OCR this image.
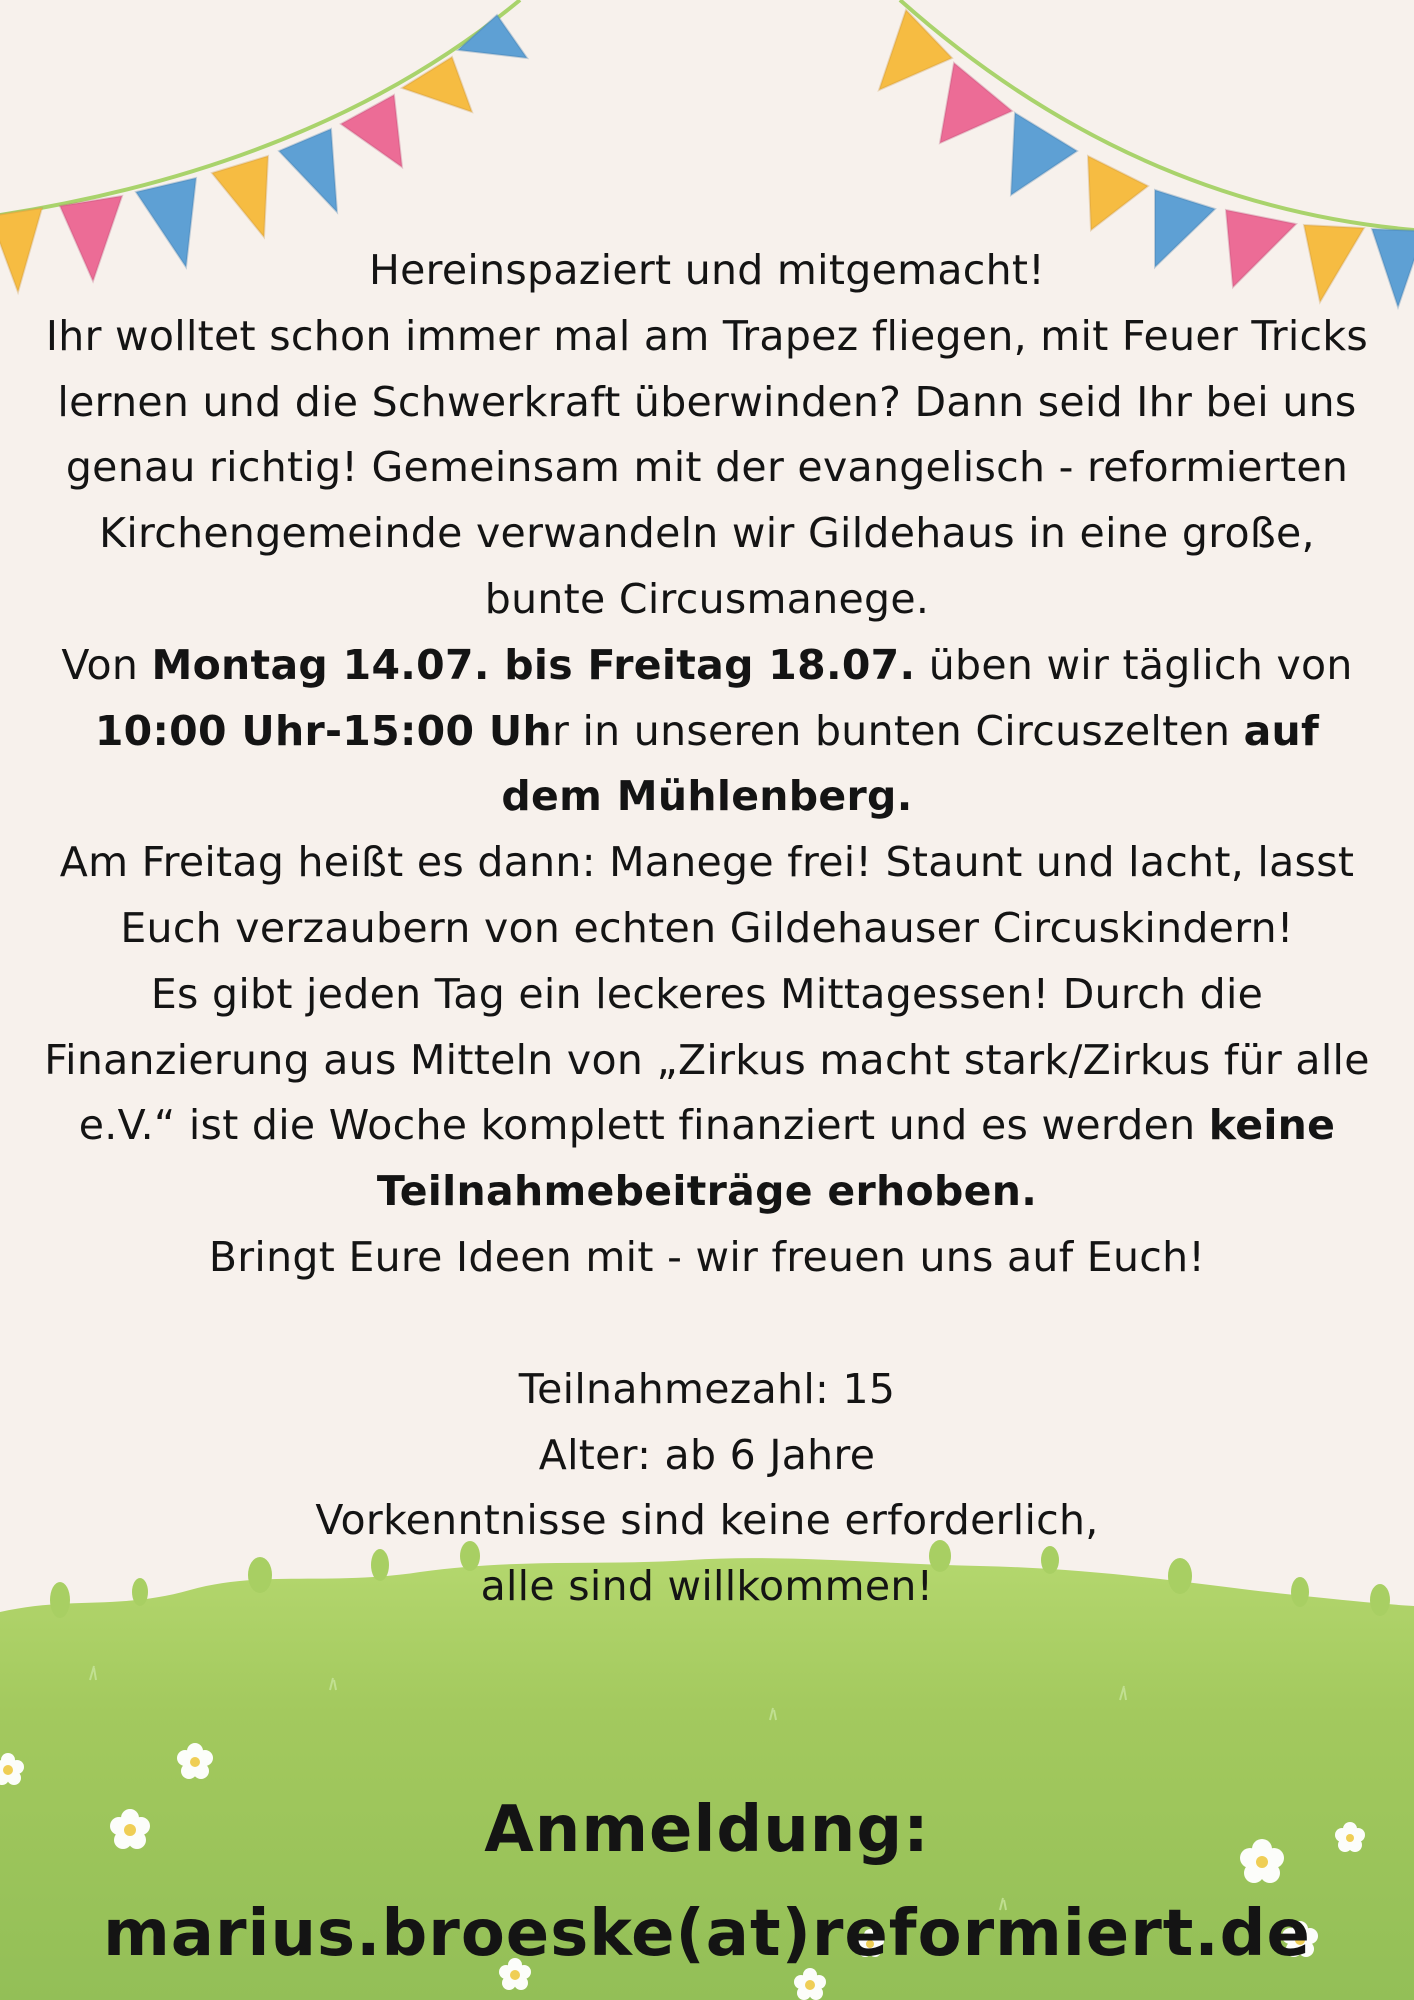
Hereinspaziert und mitgemacht!

Ihr wolltet schon immer mal am Trapez fliegen, mit Feuer Tricks lernen und die Schwerkraft überwinden? Dann seid Ihr bei uns genau richtig! Gemeinsam mit der evangelisch - reformierten Kirchengemeinde verwandeln wir Gildehaus in eine große, bunte Circusmanege.

Von Montag 14.07. bis Freitag 18.07. üben wir täglich von 10:00 Uhr-15:00 Uhr in unseren bunten Circuszelten auf dem Mühlenberg.

Am Freitag heißt es dann: Manege frei! Staunt und lacht, lasst Euch verzaubern von echten Gildehauser Circuskindern!

Es gibt jeden Tag ein leckeres Mittagessen! Durch die Finanzierung aus Mitteln von „Zirkus macht stark/Zirkus für alle e.V.“ ist die Woche komplett finanziert und es werden keine Teilnahmebeiträge erhoben.

Bringt Eure Ideen mit - wir freuen uns auf Euch!

Teilnahmezahl: 15

Alter: ab 6 Jahre

Vorkenntnisse sind keine erforderlich,

alle sind willkommen!

Anmeldung:

marius.broeske(at)reformiert.de
